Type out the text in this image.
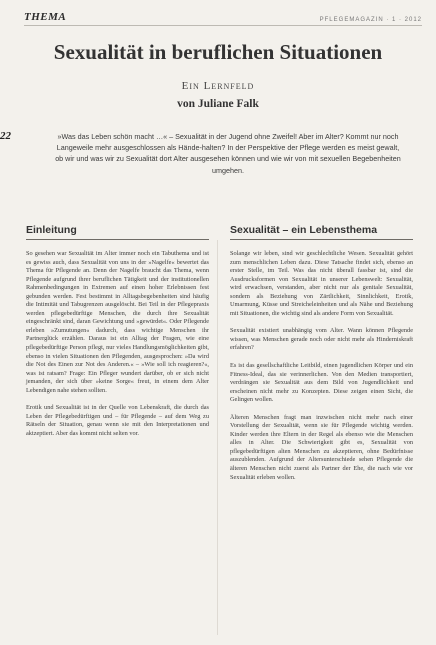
THEMA	PFLEGEMAGAZIN · 1 · 2012
Sexualität in beruflichen Situationen
Ein Lernfeld
von Juliane Falk
22	»Was das Leben schön macht …« – Sexualität in der Jugend ohne Zweifel! Aber im Alter? Kommt nur noch Langeweile mehr ausgeschlossen als Hände-halten? In der Perspektive der Pflege werden es meist gewalt, ob wir und was wir zu Sexualität dort Alter ausgesehen können und wie wir von mit sexuellen Begebenheiten umgehen.
Einleitung

So gesehen war Sexualität im Alter immer noch ein Tabuthema und ist es gewiss auch, dass Sexualität von uns in der »Nagelfe« bewertet das Thema für Pflegende an. Denn der Nagelfe braucht das Thema, wenn Pflegende aufgrund ihrer beruflichen Tätigkeit und der institutionellen Rahmenbedingungen in Extremen auf einen hoher Erlebnissen fest gebunden werden. Fest bestimmt in Alltagsbegebenheiten sind häufig die Intimität und Tabugrenzen ausgelöscht. Bei Teil in der Pflegepraxis werden pflegebedürftige Menschen, die durch ihre Sexualität eingeschränkt sind, daran Gewichtung und »gewürdet«. Oder Pflegende erleben »Zumutungen« dadurch, dass wichtige Menschen ihr Partnerglück erzählen. Daraus ist ein Alltag der Fragen, wie eine pflegebedürftige Person pflegt, nur vieles Handlungsmöglichkeiten gibt, ebenso in vielen Situationen den Pflegenden, ausgesprochen: »Da wird die Not des Einen zur Not des Anderen.« – »Wie soll ich reagieren?«, was ist ratsam? Frage: Ein Pfleger wundert darüber, ob er sich nicht jemanden, der sich über »keine Sorge« freut, in einem dem Alter Lebendigen nahe stehen sollten.

Erotik und Sexualität ist in der Quelle von Lebenskraft, die durch das Leben der Pflegebedürftigen und – für Pflegende – auf dem Weg zu Rätseln der Situation, genau wenn sie mit den Interpretationen und aktzeptiert. Aber das kommt nicht selten vor.

Sexualität – ein Lebensthema

Solange wir leben, sind wir geschlechtliche Wesen. Sexualität gehört zum menschlichen Leben dazu. Diese Tatsache findet sich, ebenso an erster Stelle, im Teil. Was das nicht überall fassbar ist, sind die Ausdrucksformen von Sexualität in unserer Lebenswelt: Sexualität, wird erwachsen, verstanden, aber nicht nur als genitale Sexualität, sondern als Beziehung von Zärtlichkeit, Sinnlichkeit, Erotik, Umarmung, Küsse und Streicheleinheiten und als Nähe und Beziehung mit Situationen, die wichtig sind als andere Form von Sexualität.

Sexualität existiert unabhängig vom Alter. Wann können Pflegende wissen, was Menschen gerade noch oder nicht mehr als Hinderniskraft erfahren?

Es ist das gesellschaftliche Leitbild, einen jugendlichen Körper und ein Fitness-Ideal, das sie verinnerlichen. Von den Medien transportiert, verdrängen sie Sexualität aus dem Bild von Jugendlichkeit und erscheinen nicht mehr zu Konzepten. Diese zeigen einen Sicht, die Gelingen wollen.

Älteren Menschen fragt man inzwischen nicht mehr nach einer Vorstellung der Sexualität, wenn sie für Pflegende wichtig werden. Kinder werden ihre Eltern in der Regel als ebenso wie die Menschen alles in Alter. Die Schwierigkeit gibt es, Sexualität von pflegebedürftigen alten Menschen zu akzeptieren, ohne Bedürfnisse auszublenden. Aufgrund der Altersunterschiede sehen Pflegende die älteren Menschen nicht zuerst als Partner der Ehe, die nach wie vor Sexualität erleben wollen.
